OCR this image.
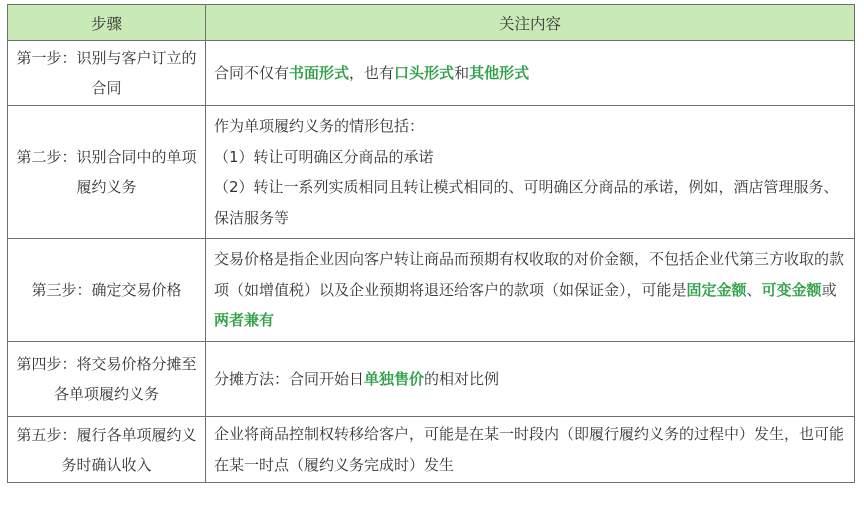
步骤	关注内容
第一步：识别与客户订立的合同	合同不仅有书面形式，也有口头形式和其他形式

第二步：识别合同中的单项履约义务	作为单项履约义务的情形包括：
（1）转让可明确区分商品的承诺
（2）转让一系列实质相同且转让模式相同的、可明确区分商品的承诺，例如，酒店管理服务、保洁服务等

第三步：确定交易价格	交易价格是指企业因向客户转让商品而预期有权收取的对价金额，不包括企业代第三方收取的款项（如增值税）以及企业预期将退还给客户的款项（如保证金），可能是固定金额、可变金额或两者兼有

第四步：将交易价格分摊至各单项履约义务	分摊方法：合同开始日单独售价的相对比例

第五步：履行各单项履约义务时确认收入	企业将商品控制权转移给客户，可能是在某一时段内（即履行履约义务的过程中）发生，也可能在某一时点（履约义务完成时）发生
